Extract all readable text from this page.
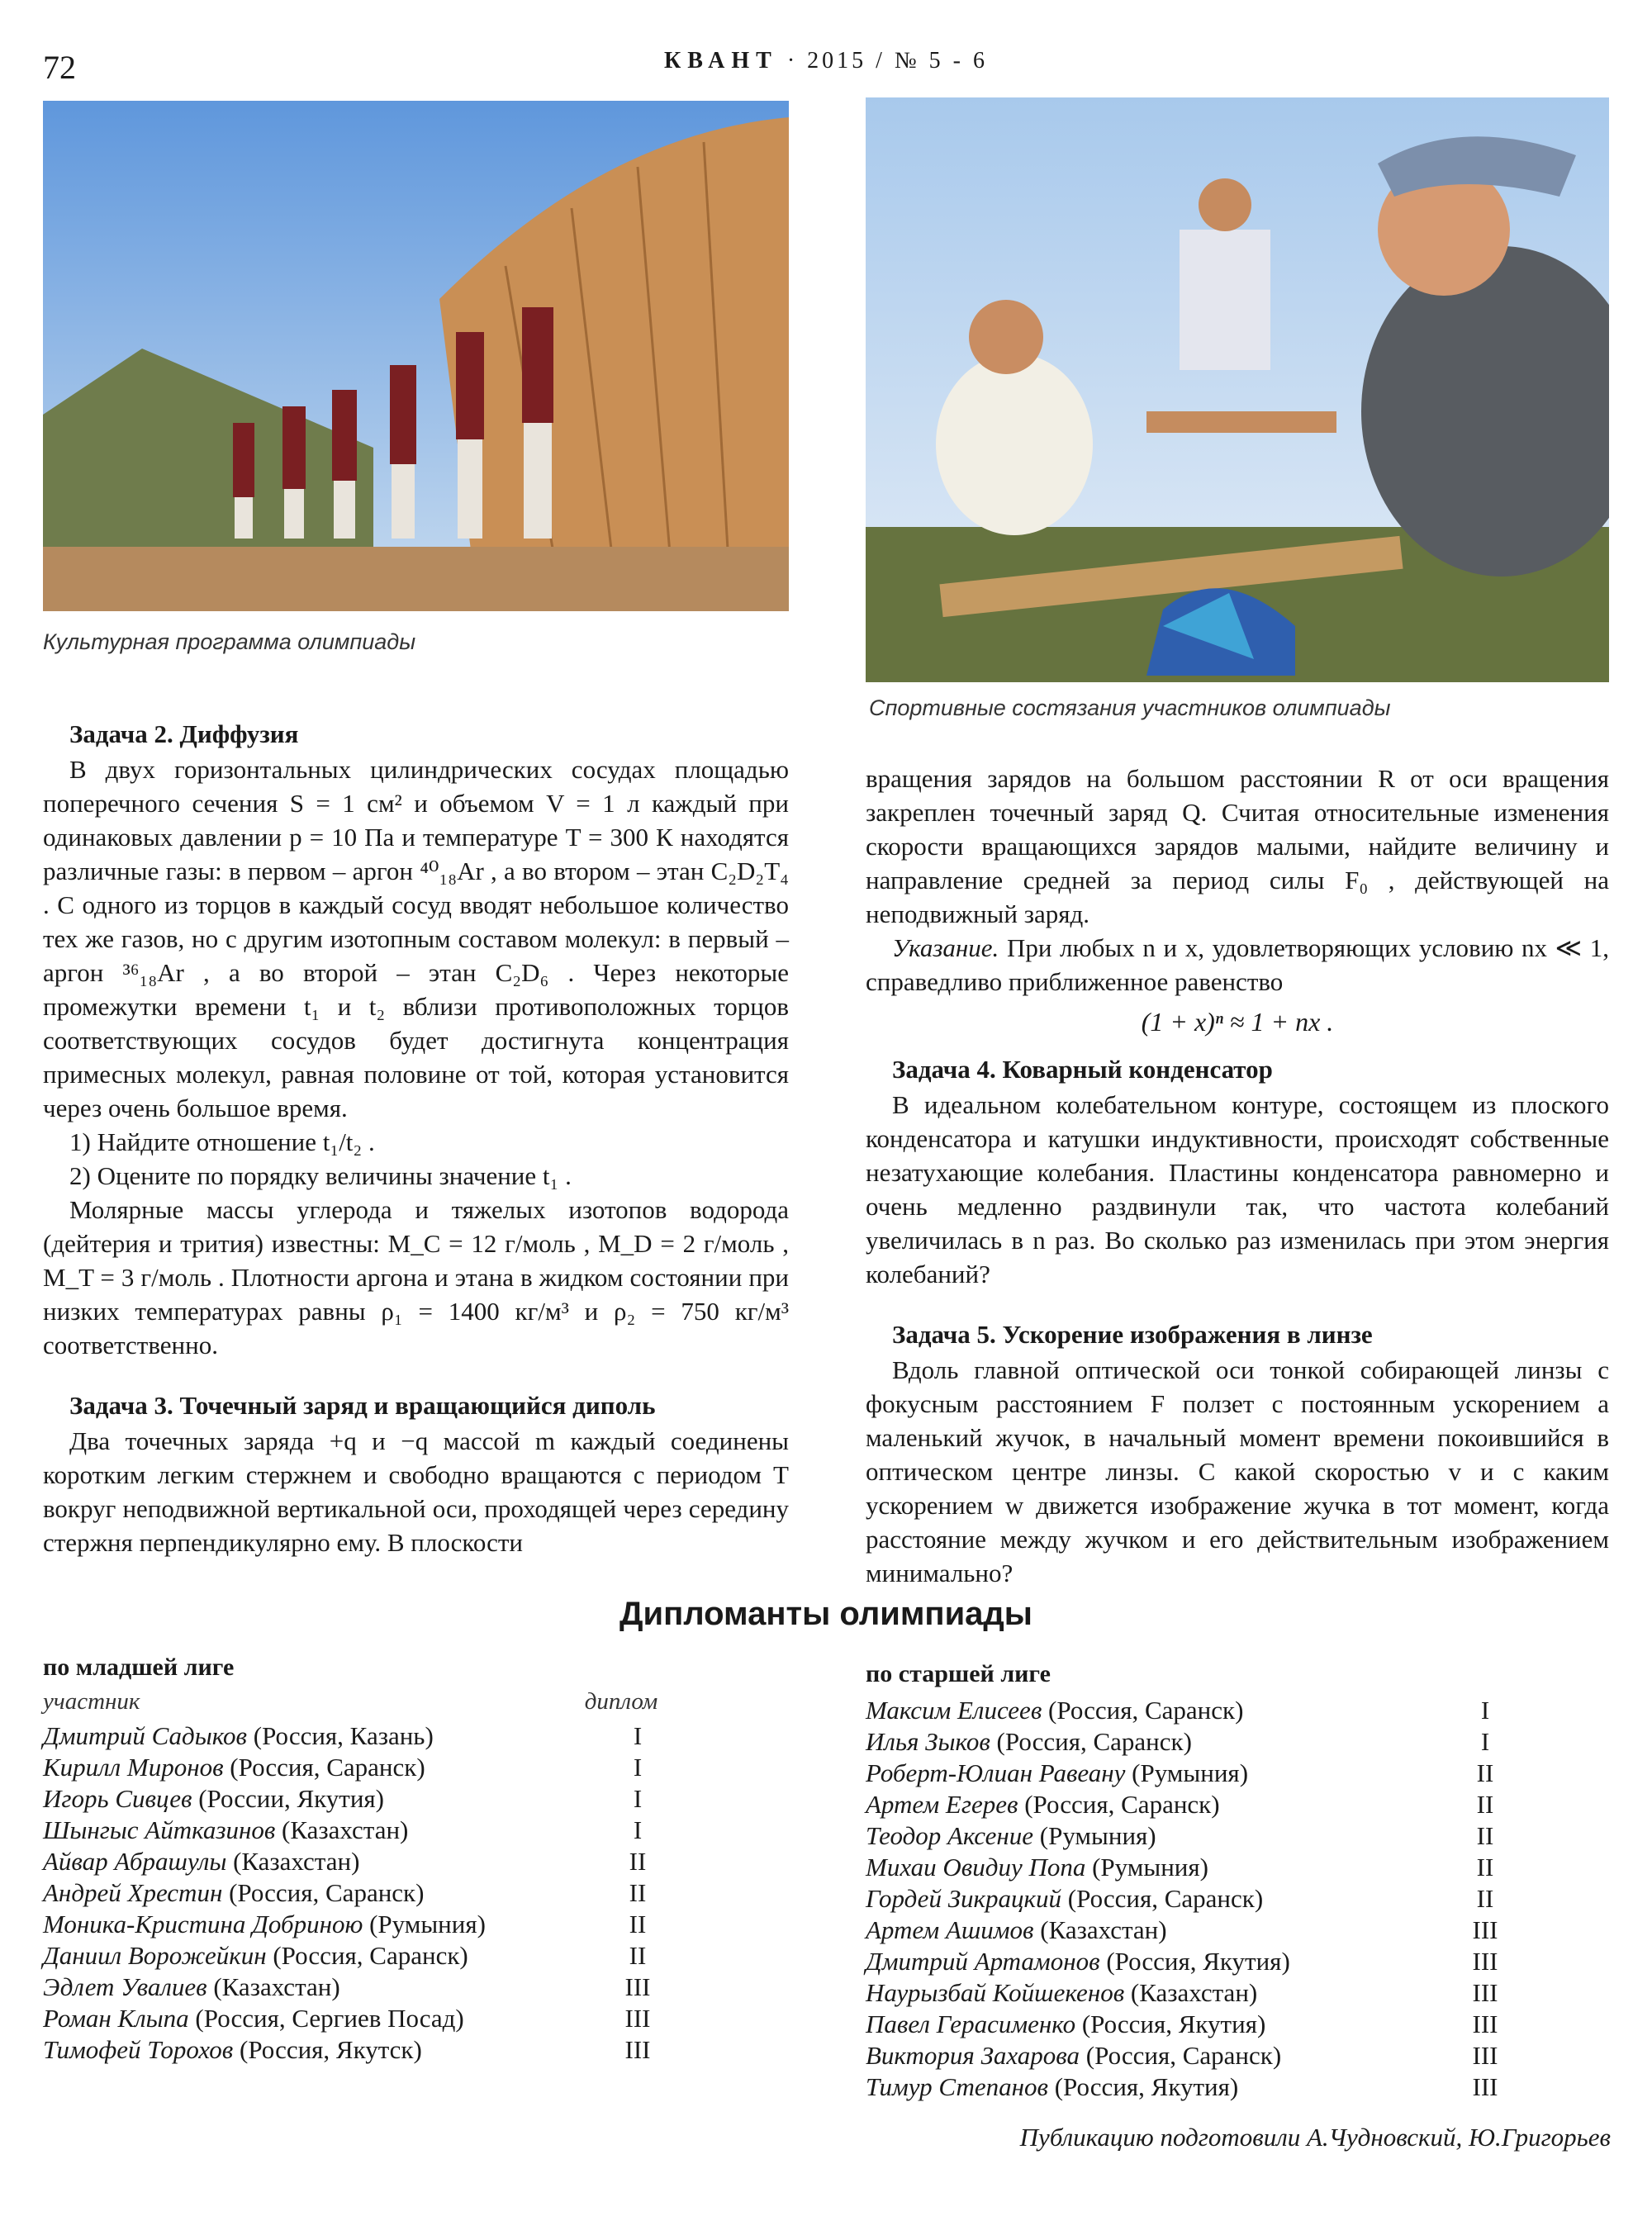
72	КВАНТ · 2015 / № 5 - 6
Культурная программа олимпиады
Спортивные состязания участников олимпиады
Задача 2. Диффузия

В двух горизонтальных цилиндрических сосудах площадью поперечного сечения S = 1 см² и объемом V = 1 л каждый при одинаковых давлении p = 10 Па и температуре T = 300 К находятся различные газы: в первом – аргон ⁴⁰₁₈Ar , а во втором – этан C₂D₂T₄ . С одного из торцов в каждый сосуд вводят небольшое количество тех же газов, но с другим изотопным составом молекул: в первый – аргон ³⁶₁₈Ar , а во второй – этан C₂D₆ . Через некоторые промежутки времени t₁ и t₂ вблизи противоположных торцов соответствующих сосудов будет достигнута концентрация примесных молекул, равная половине от той, которая установится через очень большое время.

1) Найдите отношение t₁/t₂ .

2) Оцените по порядку величины значение t₁ .

Молярные массы углерода и тяжелых изотопов водорода (дейтерия и трития) известны: M_C = 12 г/моль , M_D = 2 г/моль , M_T = 3 г/моль . Плотности аргона и этана в жидком состоянии при низких температурах равны ρ₁ = 1400 кг/м³ и ρ₂ = 750 кг/м³ соответственно.

Задача 3. Точечный заряд и вращающийся диполь

Два точечных заряда +q и −q массой m каждый соединены коротким легким стержнем и свободно вращаются с периодом T вокруг неподвижной вертикальной оси, проходящей через середину стержня перпендикулярно ему. В плоскости

вращения зарядов на большом расстоянии R от оси вращения закреплен точечный заряд Q. Считая относительные изменения скорости вращающихся зарядов малыми, найдите величину и направление средней за период силы F₀ , действующей на неподвижный заряд.

Указание. При любых n и x, удовлетворяющих условию nx ≪ 1, справедливо приближенное равенство

(1 + x)ⁿ ≈ 1 + nx .
Задача 4. Коварный конденсатор

В идеальном колебательном контуре, состоящем из плоского конденсатора и катушки индуктивности, происходят собственные незатухающие колебания. Пластины конденсатора равномерно и очень медленно раздвинули так, что частота колебаний увеличилась в n раз. Во сколько раз изменилась при этом энергия колебаний?

Задача 5. Ускорение изображения в линзе

Вдоль главной оптической оси тонкой собирающей линзы с фокусным расстоянием F ползет с постоянным ускорением a маленький жучок, в начальный момент времени покоившийся в оптическом центре линзы. С какой скоростью v и с каким ускорением w движется изображение жучка в тот момент, когда расстояние между жучком и его действительным изображением минимально?

Дипломанты олимпиады
по младшей лиге
участник	диплом
Дмитрий Садыков (Россия, Казань)	I
Кирилл Миронов (Россия, Саранск)	I
Игорь Сивцев (России, Якутия)	I
Шынгыс Айтказинов (Казахстан)	I
Айвар Абрашулы (Казахстан)	II
Андрей Хрестин (Россия, Саранск)	II
Моника-Кристина Добриною (Румыния)	II
Даниил Ворожейкин (Россия, Саранск)	II
Эдлет Увалиев (Казахстан)	III
Роман Клыпа (Россия, Сергиев Посад)	III
Тимофей Торохов (Россия, Якутск)	III
по старшей лиге
Максим Елисеев (Россия, Саранск)	I
Илья Зыков (Россия, Саранск)	I
Роберт-Юлиан Равеану (Румыния)	II
Артем Егерев (Россия, Саранск)	II
Теодор Аксение (Румыния)	II
Михаи Овидиу Попа (Румыния)	II
Гордей Зикрацкий (Россия, Саранск)	II
Артем Ашимов (Казахстан)	III
Дмитрий Артамонов (Россия, Якутия)	III
Наурызбай Койшекенов (Казахстан)	III
Павел Герасименко (Россия, Якутия)	III
Виктория Захарова (Россия, Саранск)	III
Тимур Степанов (Россия, Якутия)	III
Публикацию подготовили А.Чудновский, Ю.Григорьев
